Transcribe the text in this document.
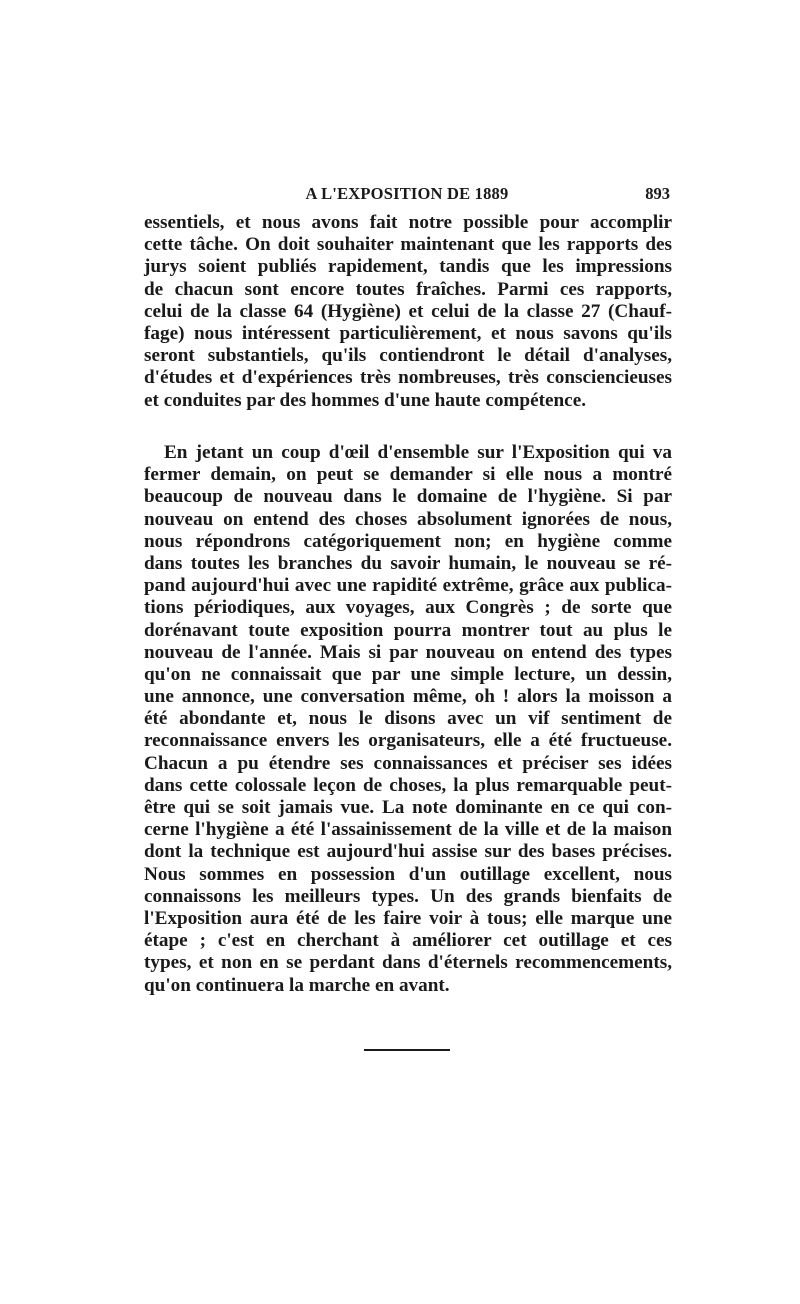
A L'EXPOSITION DE 1889	893
essentiels, et nous avons fait notre possible pour accomplir
cette tâche. On doit souhaiter maintenant que les rapports des
jurys soient publiés rapidement, tandis que les impressions
de chacun sont encore toutes fraîches. Parmi ces rapports,
celui de la classe 64 (Hygiène) et celui de la classe 27 (Chauf-
fage) nous intéressent particulièrement, et nous savons qu'ils
seront substantiels, qu'ils contiendront le détail d'analyses,
d'études et d'expériences très nombreuses, très consciencieuses
et conduites par des hommes d'une haute compétence.
En jetant un coup d'œil d'ensemble sur l'Exposition qui va
fermer demain, on peut se demander si elle nous a montré
beaucoup de nouveau dans le domaine de l'hygiène. Si par
nouveau on entend des choses absolument ignorées de nous,
nous répondrons catégoriquement non; en hygiène comme
dans toutes les branches du savoir humain, le nouveau se ré-
pand aujourd'hui avec une rapidité extrême, grâce aux publica-
tions périodiques, aux voyages, aux Congrès ; de sorte que
dorénavant toute exposition pourra montrer tout au plus le
nouveau de l'année. Mais si par nouveau on entend des types
qu'on ne connaissait que par une simple lecture, un dessin,
une annonce, une conversation même, oh ! alors la moisson a
été abondante et, nous le disons avec un vif sentiment de
reconnaissance envers les organisateurs, elle a été fructueuse.
Chacun a pu étendre ses connaissances et préciser ses idées
dans cette colossale leçon de choses, la plus remarquable peut-
être qui se soit jamais vue. La note dominante en ce qui con-
cerne l'hygiène a été l'assainissement de la ville et de la maison
dont la technique est aujourd'hui assise sur des bases précises.
Nous sommes en possession d'un outillage excellent, nous
connaissons les meilleurs types. Un des grands bienfaits de
l'Exposition aura été de les faire voir à tous; elle marque une
étape ; c'est en cherchant à améliorer cet outillage et ces
types, et non en se perdant dans d'éternels recommencements,
qu'on continuera la marche en avant.
